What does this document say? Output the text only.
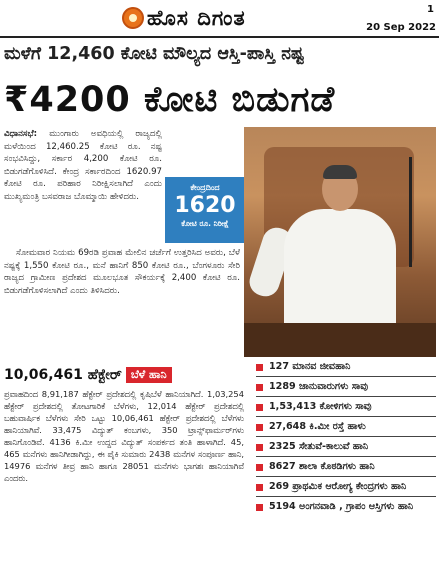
ಹೊಸ ದಿಗಂತ	1
20 Sep 2022
ಮಳೆಗೆ 12,460 ಕೋಟಿ ಮೌಲ್ಯದ ಆಸ್ತಿ-ಪಾಸ್ತಿ ನಷ್ಟ
₹4200 ಕೋಟಿ ಬಿಡುಗಡೆ

ವಿಧಾನಸಭೆ: ಮುಂಗಾರು ಅವಧಿಯಲ್ಲಿ ರಾಜ್ಯದಲ್ಲಿ ಮಳೆಯಿಂದ 12,460.25 ಕೋಟಿ ರೂ. ನಷ್ಟ ಸಂಭವಿಸಿದ್ದು, ಸರ್ಕಾರ 4,200 ಕೋಟಿ ರೂ. ಬಿಡುಗಡೆಗೊಳಿಸಿದೆ. ಕೇಂದ್ರ ಸರ್ಕಾರದಿಂದ 1620.97 ಕೋಟಿ ರೂ. ಪರಿಹಾರ ನಿರೀಕ್ಷಿಸಲಾಗಿದೆ ಎಂದು ಮುಖ್ಯಮಂತ್ರಿ ಬಸವರಾಜ ಬೊಮ್ಮಾಯಿ ಹೇಳಿದರು.

ಸೋಮವಾರ ನಿಯಮ 69ರಡಿ ಪ್ರವಾಹ ಮೇಲಿನ ಚರ್ಚೆಗೆ ಉತ್ತರಿಸಿದ ಅವರು, ಬೆಳೆ ನಷ್ಟಕ್ಕೆ 1,550 ಕೋಟಿ ರೂ., ಮನೆ ಹಾನಿಗೆ 850 ಕೋಟಿ ರೂ., ಬೆಂಗಳೂರು ಸೇರಿ ರಾಜ್ಯದ ಗ್ರಾಮೀಣ ಪ್ರದೇಶದ ಮೂಲಭೂತ ಸೌಕರ್ಯಕ್ಕೆ 2,400 ಕೋಟಿ ರೂ. ಬಿಡುಗಡೆಗೊಳಿಸಲಾಗಿದೆ ಎಂದು ತಿಳಿಸಿದರು.

ಕೇಂದ್ರದಿಂದ
1620
ಕೋಟಿ ರೂ. ನಿರೀಕ್ಷೆ
10,06,461 ಹೆಕ್ಟೇರ್ ಬೆಳೆ ಹಾನಿ

ಪ್ರವಾಹದಿಂದ 8,91,187 ಹೆಕ್ಟೇರ್ ಪ್ರದೇಶದಲ್ಲಿ ಕೃಷಿಬೆಳೆ ಹಾನಿಯಾಗಿದೆ. 1,03,254 ಹೆಕ್ಟೇರ್ ಪ್ರದೇಶದಲ್ಲಿ ತೋಟಗಾರಿಕೆ ಬೆಳೆಗಳು, 12,014 ಹೆಕ್ಟೇರ್ ಪ್ರದೇಶದಲ್ಲಿ ಬಹುವಾರ್ಷಿಕ ಬೆಳೆಗಳು ಸೇರಿ ಒಟ್ಟು 10,06,461 ಹೆಕ್ಟೇರ್ ಪ್ರದೇಶದಲ್ಲಿ ಬೆಳೆಗಳು ಹಾನಿಯಾಗಿವೆ. 33,475 ವಿದ್ಯುತ್ ಕಂಬಗಳು, 350 ಟ್ರಾನ್ಸ್‌ಫಾರ್ಮರ್‌ಗಳು ಹಾನಿಗೊಂಡಿವೆ. 4136 ಕಿ.ಮೀ ಉದ್ದದ ವಿದ್ಯುತ್ ಸಂಪರ್ಕದ ತಂತಿ ಹಾಳಾಗಿದೆ. 45, 465 ಮನೆಗಳು ಹಾನಿಗೀಡಾಗಿದ್ದು, ಈ ಪೈಕಿ ಸುಮಾರು 2438 ಮನೆಗಳ ಸಂಪೂರ್ಣ ಹಾನಿ, 14976 ಮನೆಗಳ ತೀವ್ರ ಹಾನಿ ಹಾಗೂ 28051 ಮನೆಗಳು ಭಾಗಶಃ ಹಾನಿಯಾಗಿವೆ ಎಂದರು.

127 ಮಾನವ ಜೀವಹಾನಿ
1289 ಜಾನುವಾರುಗಳು ಸಾವು
1,53,413 ಕೋಳಿಗಳು ಸಾವು
27,648 ಕಿ.ಮೀ ರಸ್ತೆ ಹಾಳು
2325 ಸೇತುವೆ-ಕಾಲುವೆ ಹಾನಿ
8627 ಶಾಲಾ ಕೊಠಡಿಗಳು ಹಾನಿ
269 ಪ್ರಾಥಮಿಕ ಆರೋಗ್ಯ ಕೇಂದ್ರಗಳು ಹಾನಿ
5194 ಅಂಗನವಾಡಿ , ಗ್ರಾಪಂ ಆಸ್ತಿಗಳು ಹಾನಿ
